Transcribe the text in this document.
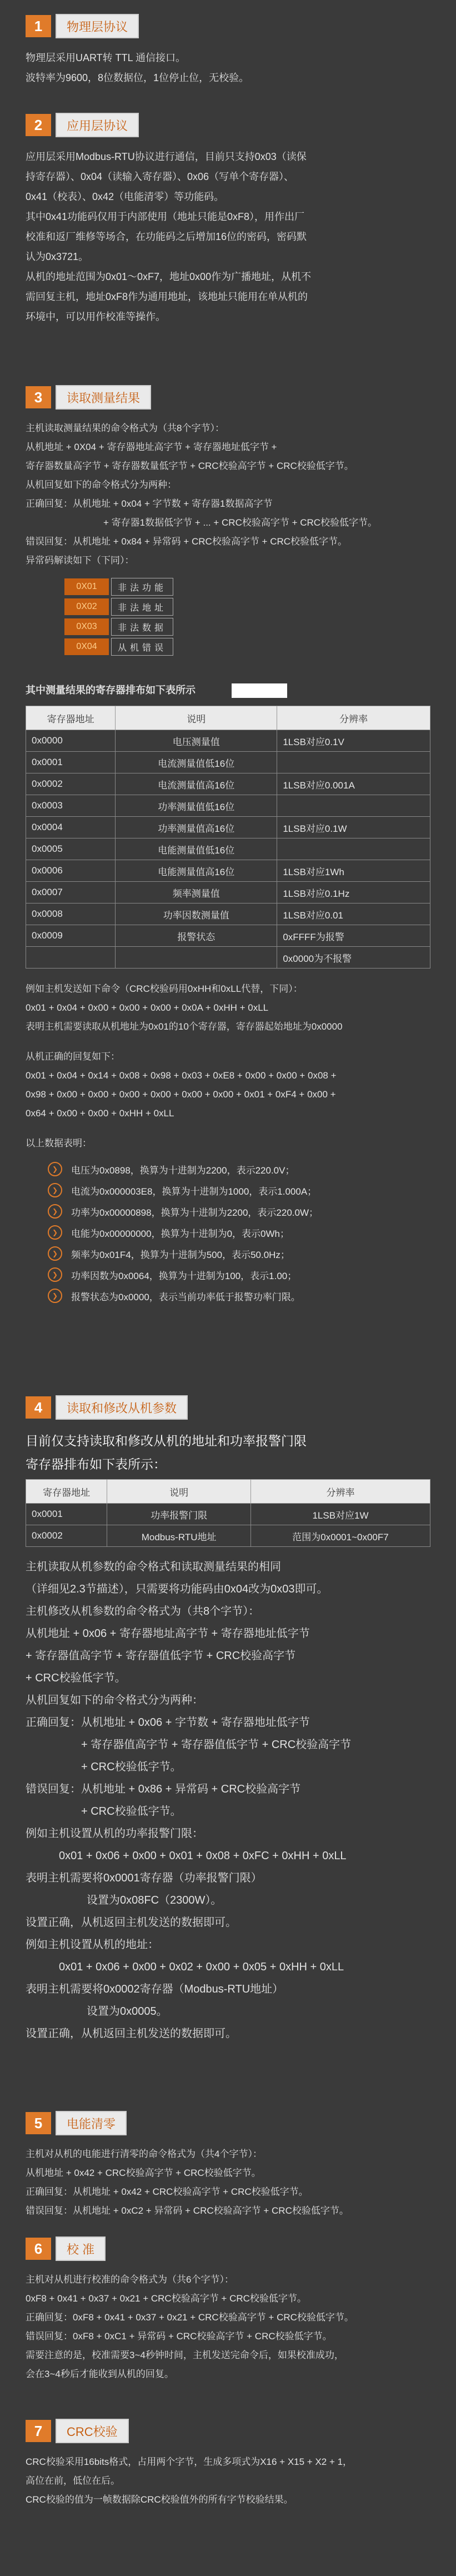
1	物理层协议

物理层采用UART转 TTL 通信接口。

波特率为9600，8位数据位，1位停止位，无校验。

2	应用层协议

应用层采用Modbus-RTU协议进行通信，目前只支持0x03（读保

持寄存器）、0x04（读输入寄存器）、0x06（写单个寄存器）、

0x41（校表）、0x42（电能清零）等功能码。

其中0x41功能码仅用于内部使用（地址只能是0xF8），用作出厂

校准和返厂维修等场合，在功能码之后增加16位的密码，密码默

认为0x3721。

从机的地址范围为0x01～0xF7，地址0x00作为广播地址，从机不

需回复主机，地址0xF8作为通用地址，该地址只能用在单从机的

环境中，可以用作校准等操作。

3	读取测量结果

主机读取测量结果的命令格式为（共8个字节）：

从机地址 + 0X04 + 寄存器地址高字节 + 寄存器地址低字节 +

寄存器数量高字节 + 寄存器数量低字节 + CRC校验高字节 + CRC校验低字节。

从机回复如下的命令格式分为两种：

正确回复：从机地址 + 0x04 + 字节数 + 寄存器1数据高字节

+ 寄存器1数据低字节 + ... + CRC校验高字节 + CRC校验低字节。

错误回复：从机地址 + 0x84 + 异常码 + CRC校验高字节 + CRC校验低字节。

异常码解读如下（下同）：

0X01	非法功能
0X02	非法地址
0X03	非法数据
0X04	从机错误

其中测量结果的寄存器排布如下表所示

寄存器地址	说明	分辨率
0x0000	电压测量值	1LSB对应0.1V
0x0001	电流测量值低16位	
0x0002	电流测量值高16位	1LSB对应0.001A
0x0003	功率测量值低16位	
0x0004	功率测量值高16位	1LSB对应0.1W
0x0005	电能测量值低16位	
0x0006	电能测量值高16位	1LSB对应1Wh
0x0007	频率测量值	1LSB对应0.1Hz
0x0008	功率因数测量值	1LSB对应0.01
0x0009	报警状态	0xFFFF为报警
		0x0000为不报警

例如主机发送如下命令（CRC校验码用0xHH和0xLL代替，下同）：

0x01 + 0x04 + 0x00 + 0x00 + 0x00 + 0x0A + 0xHH + 0xLL

表明主机需要读取从机地址为0x01的10个寄存器，寄存器起始地址为0x0000

从机正确的回复如下：

0x01 + 0x04 + 0x14 + 0x08 + 0x98 + 0x03 + 0xE8 + 0x00 + 0x00 + 0x08 +

0x98 + 0x00 + 0x00 + 0x00 + 0x00 + 0x00 + 0x00 + 0x01 + 0xF4 + 0x00 +

0x64 + 0x00 + 0x00 + 0xHH + 0xLL

以上数据表明：

❯	电压为0x0898，换算为十进制为2200，表示220.0V；
❯	电流为0x000003E8，换算为十进制为1000，表示1.000A；
❯	功率为0x00000898，换算为十进制为2200，表示220.0W；
❯	电能为0x00000000，换算为十进制为0，表示0Wh；
❯	频率为0x01F4，换算为十进制为500，表示50.0Hz；
❯	功率因数为0x0064，换算为十进制为100，表示1.00；
❯	报警状态为0x0000，表示当前功率低于报警功率门限。
4	读取和修改从机参数

目前仅支持读取和修改从机的地址和功率报警门限

寄存器排布如下表所示：

寄存器地址	说明	分辨率
0x0001	功率报警门限	1LSB对应1W
0x0002	Modbus-RTU地址	范围为0x0001~0x00F7

主机读取从机参数的命令格式和读取测量结果的相同

（详细见2.3节描述），只需要将功能码由0x04改为0x03即可。

主机修改从机参数的命令格式为（共8个字节）：

从机地址 + 0x06 + 寄存器地址高字节 + 寄存器地址低字节

+ 寄存器值高字节 + 寄存器值低字节 + CRC校验高字节

+ CRC校验低字节。

从机回复如下的命令格式分为两种：

正确回复：从机地址 + 0x06 + 字节数 + 寄存器地址低字节

+ 寄存器值高字节 + 寄存器值低字节 + CRC校验高字节

+ CRC校验低字节。

错误回复：从机地址 + 0x86 + 异常码 + CRC校验高字节

+ CRC校验低字节。

例如主机设置从机的功率报警门限：

0x01 + 0x06 + 0x00 + 0x01 + 0x08 + 0xFC + 0xHH + 0xLL

表明主机需要将0x0001寄存器（功率报警门限）

设置为0x08FC（2300W）。

设置正确，从机返回主机发送的数据即可。

例如主机设置从机的地址：

0x01 + 0x06 + 0x00 + 0x02 + 0x00 + 0x05 + 0xHH + 0xLL

表明主机需要将0x0002寄存器（Modbus-RTU地址）

设置为0x0005。

设置正确，从机返回主机发送的数据即可。

5	电能清零

主机对从机的电能进行清零的命令格式为（共4个字节）：

从机地址 + 0x42 + CRC校验高字节 + CRC校验低字节。

正确回复：从机地址 + 0x42 + CRC校验高字节 + CRC校验低字节。

错误回复：从机地址 + 0xC2 + 异常码 + CRC校验高字节 + CRC校验低字节。

6	校 准

主机对从机进行校准的命令格式为（共6个字节）：

0xF8 + 0x41 + 0x37 + 0x21 + CRC校验高字节 + CRC校验低字节。

正确回复：0xF8 + 0x41 + 0x37 + 0x21 + CRC校验高字节 + CRC校验低字节。

错误回复：0xF8 + 0xC1 + 异常码 + CRC校验高字节 + CRC校验低字节。

需要注意的是，校准需要3~4秒钟时间，主机发送完命令后，如果校准成功，

会在3~4秒后才能收到从机的回复。

7	CRC校验

CRC校验采用16bits格式，占用两个字节，生成多项式为X16 + X15 + X2 + 1，

高位在前，低位在后。

CRC校验的值为一帧数据除CRC校验值外的所有字节校验结果。
